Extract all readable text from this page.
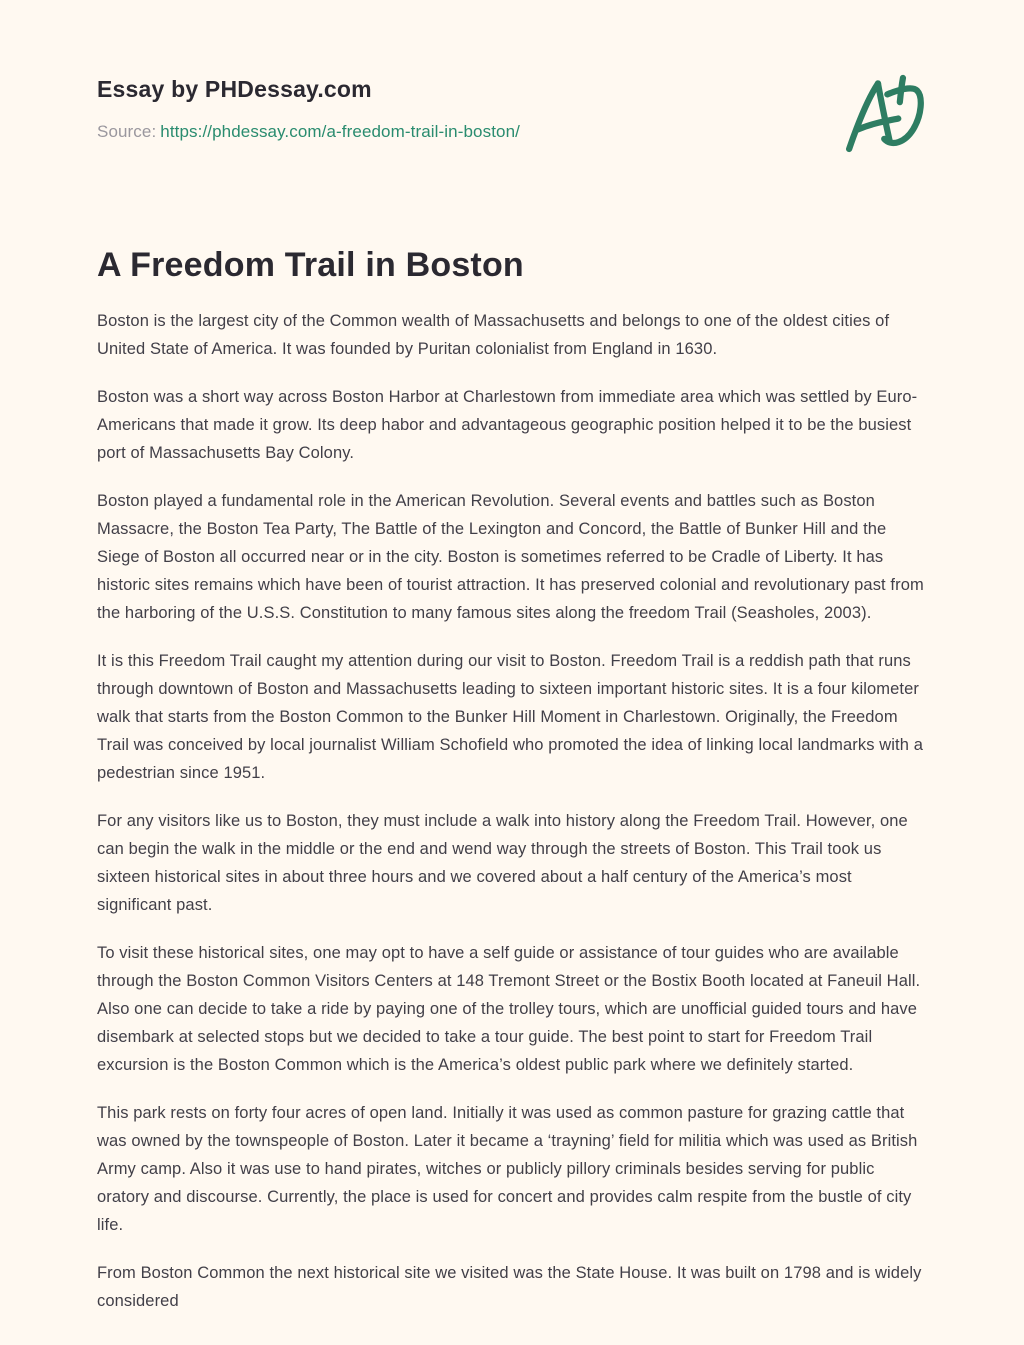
Essay by PHDessay.com
Source: https://phdessay.com/a-freedom-trail-in-boston/
A Freedom Trail in Boston

Boston is the largest city of the Common wealth of Massachusetts and belongs to one of the oldest cities of United State of America. It was founded by Puritan colonialist from England in 1630.

Boston was a short way across Boston Harbor at Charlestown from immediate area which was settled by Euro-Americans that made it grow. Its deep habor and advantageous geographic position helped it to be the busiest port of Massachusetts Bay Colony.

Boston played a fundamental role in the American Revolution. Several events and battles such as Boston Massacre, the Boston Tea Party, The Battle of the Lexington and Concord, the Battle of Bunker Hill and the Siege of Boston all occurred near or in the city. Boston is sometimes referred to be Cradle of Liberty. It has historic sites remains which have been of tourist attraction. It has preserved colonial and revolutionary past from the harboring of the U.S.S. Constitution to many famous sites along the freedom Trail (Seasholes, 2003).

It is this Freedom Trail caught my attention during our visit to Boston. Freedom Trail is a reddish path that runs through downtown of Boston and Massachusetts leading to sixteen important historic sites. It is a four kilometer walk that starts from the Boston Common to the Bunker Hill Moment in Charlestown. Originally, the Freedom Trail was conceived by local journalist William Schofield who promoted the idea of linking local landmarks with a pedestrian since 1951.

For any visitors like us to Boston, they must include a walk into history along the Freedom Trail. However, one can begin the walk in the middle or the end and wend way through the streets of Boston. This Trail took us sixteen historical sites in about three hours and we covered about a half century of the America’s most significant past.

To visit these historical sites, one may opt to have a self guide or assistance of tour guides who are available through the Boston Common Visitors Centers at 148 Tremont Street or the Bostix Booth located at Faneuil Hall. Also one can decide to take a ride by paying one of the trolley tours, which are unofficial guided tours and have disembark at selected stops but we decided to take a tour guide. The best point to start for Freedom Trail excursion is the Boston Common which is the America’s oldest public park where we definitely started.

This park rests on forty four acres of open land. Initially it was used as common pasture for grazing cattle that was owned by the townspeople of Boston. Later it became a ‘trayning’ field for militia which was used as British Army camp. Also it was use to hand pirates, witches or publicly pillory criminals besides serving for public oratory and discourse. Currently, the place is used for concert and provides calm respite from the bustle of city life.

From Boston Common the next historical site we visited was the State House. It was built on 1798 and is widely considered
